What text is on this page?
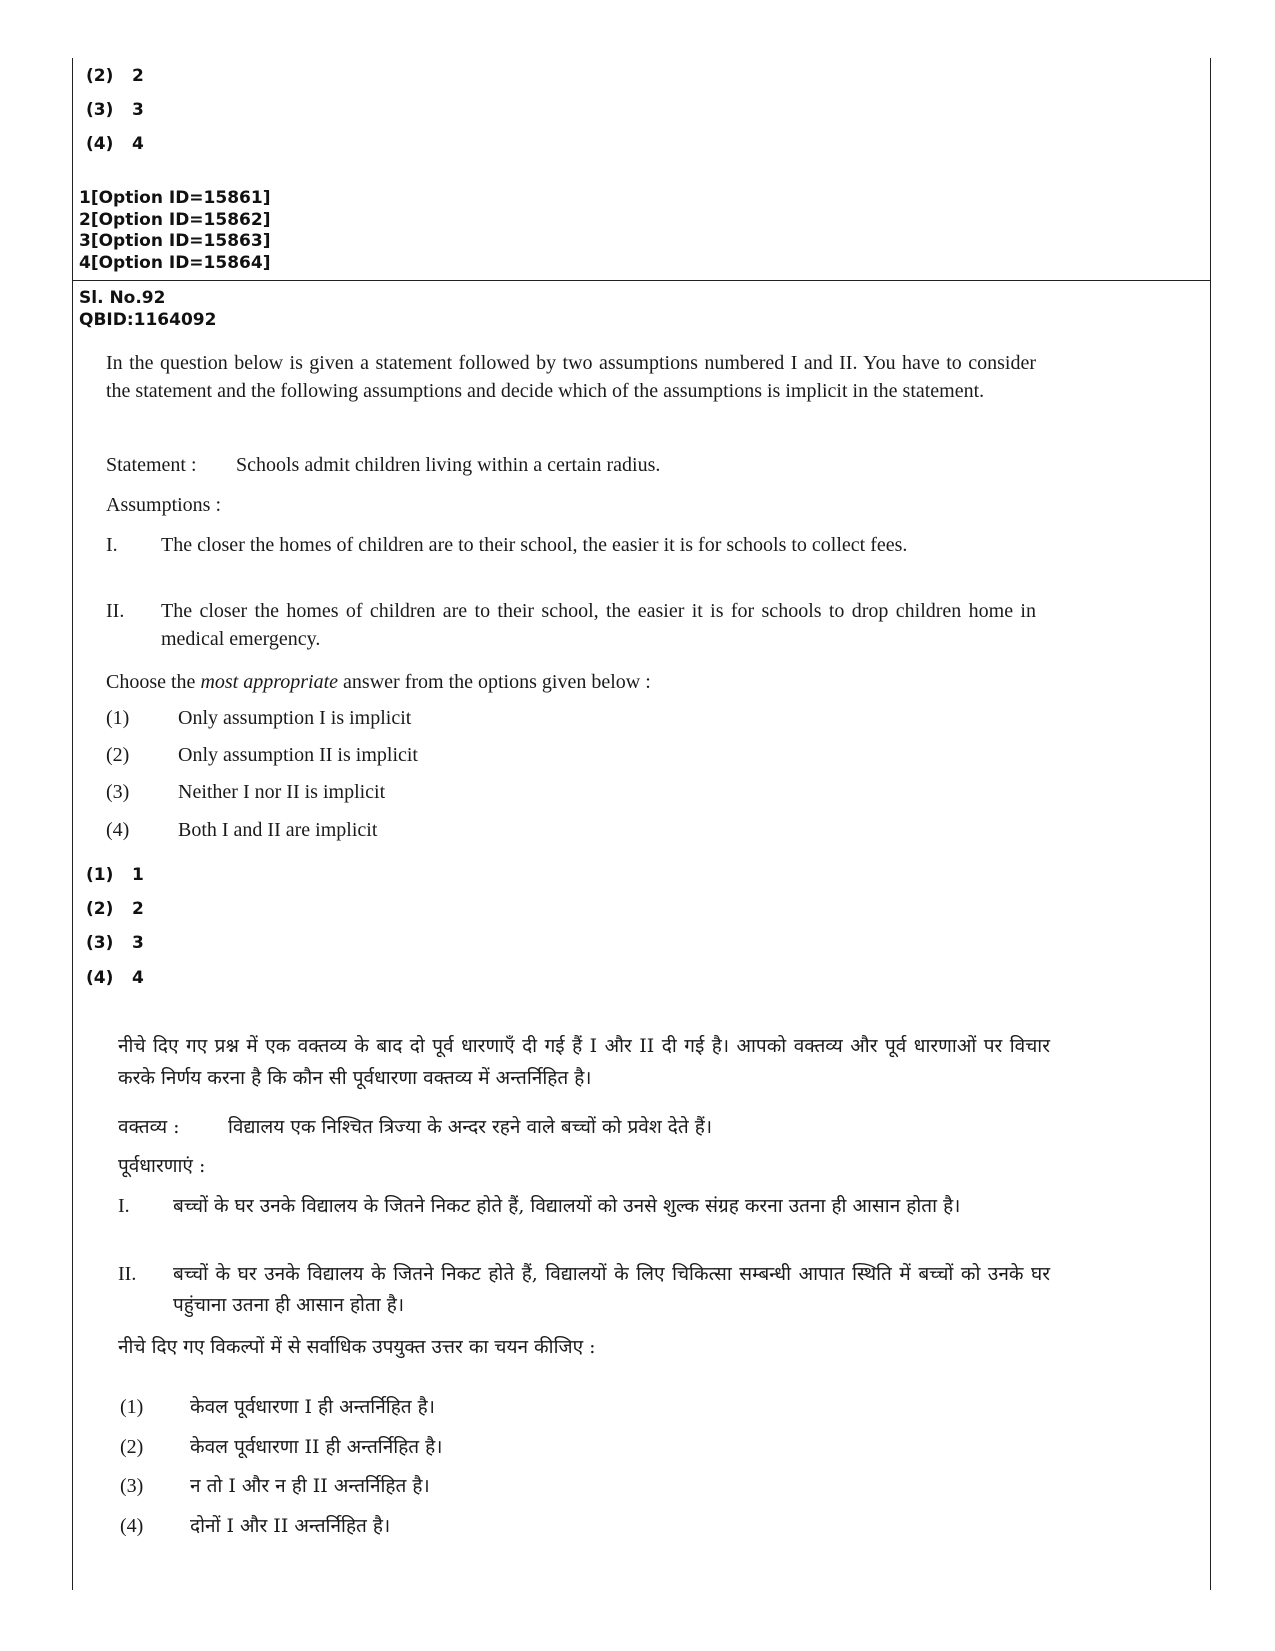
(2) 2
(3) 3
(4) 4
1[Option ID=15861]
2[Option ID=15862]
3[Option ID=15863]
4[Option ID=15864]
Sl. No.92
QBID:1164092
In the question below is given a statement followed by two assumptions numbered I and II. You have to consider the statement and the following assumptions and decide which of the assumptions is implicit in the statement.
Statement : Schools admit children living within a certain radius.
Assumptions :
I. The closer the homes of children are to their school, the easier it is for schools to collect fees.
II. The closer the homes of children are to their school, the easier it is for schools to drop children home in medical emergency.
Choose the most appropriate answer from the options given below :
(1) Only assumption I is implicit
(2) Only assumption II is implicit
(3) Neither I nor II is implicit
(4) Both I and II are implicit
(1) 1
(2) 2
(3) 3
(4) 4
नीचे दिए गए प्रश्न में एक वक्तव्य के बाद दो पूर्व धारणाएँ दी गई हैं I और II दी गई है। आपको वक्तव्य और पूर्व धारणाओं पर विचार करके निर्णय करना है कि कौन सी पूर्वधारणा वक्तव्य में अन्तर्निहित है।
वक्तव्य :	विद्यालय एक निश्चित त्रिज्या के अन्दर रहने वाले बच्चों को प्रवेश देते हैं।
पूर्वधारणाएं :
I. बच्चों के घर उनके विद्यालय के जितने निकट होते हैं, विद्यालयों को उनसे शुल्क संग्रह करना उतना ही आसान होता है।
II. बच्चों के घर उनके विद्यालय के जितने निकट होते हैं, विद्यालयों के लिए चिकित्सा सम्बन्धी आपात स्थिति में बच्चों को उनके घर पहुंचाना उतना ही आसान होता है।
नीचे दिए गए विकल्पों में से सर्वाधिक उपयुक्त उत्तर का चयन कीजिए :
(1) केवल पूर्वधारणा I ही अन्तर्निहित है।
(2) केवल पूर्वधारणा II ही अन्तर्निहित है।
(3) न तो I और न ही II अन्तर्निहित है।
(4) दोनों I और II अन्तर्निहित है।
